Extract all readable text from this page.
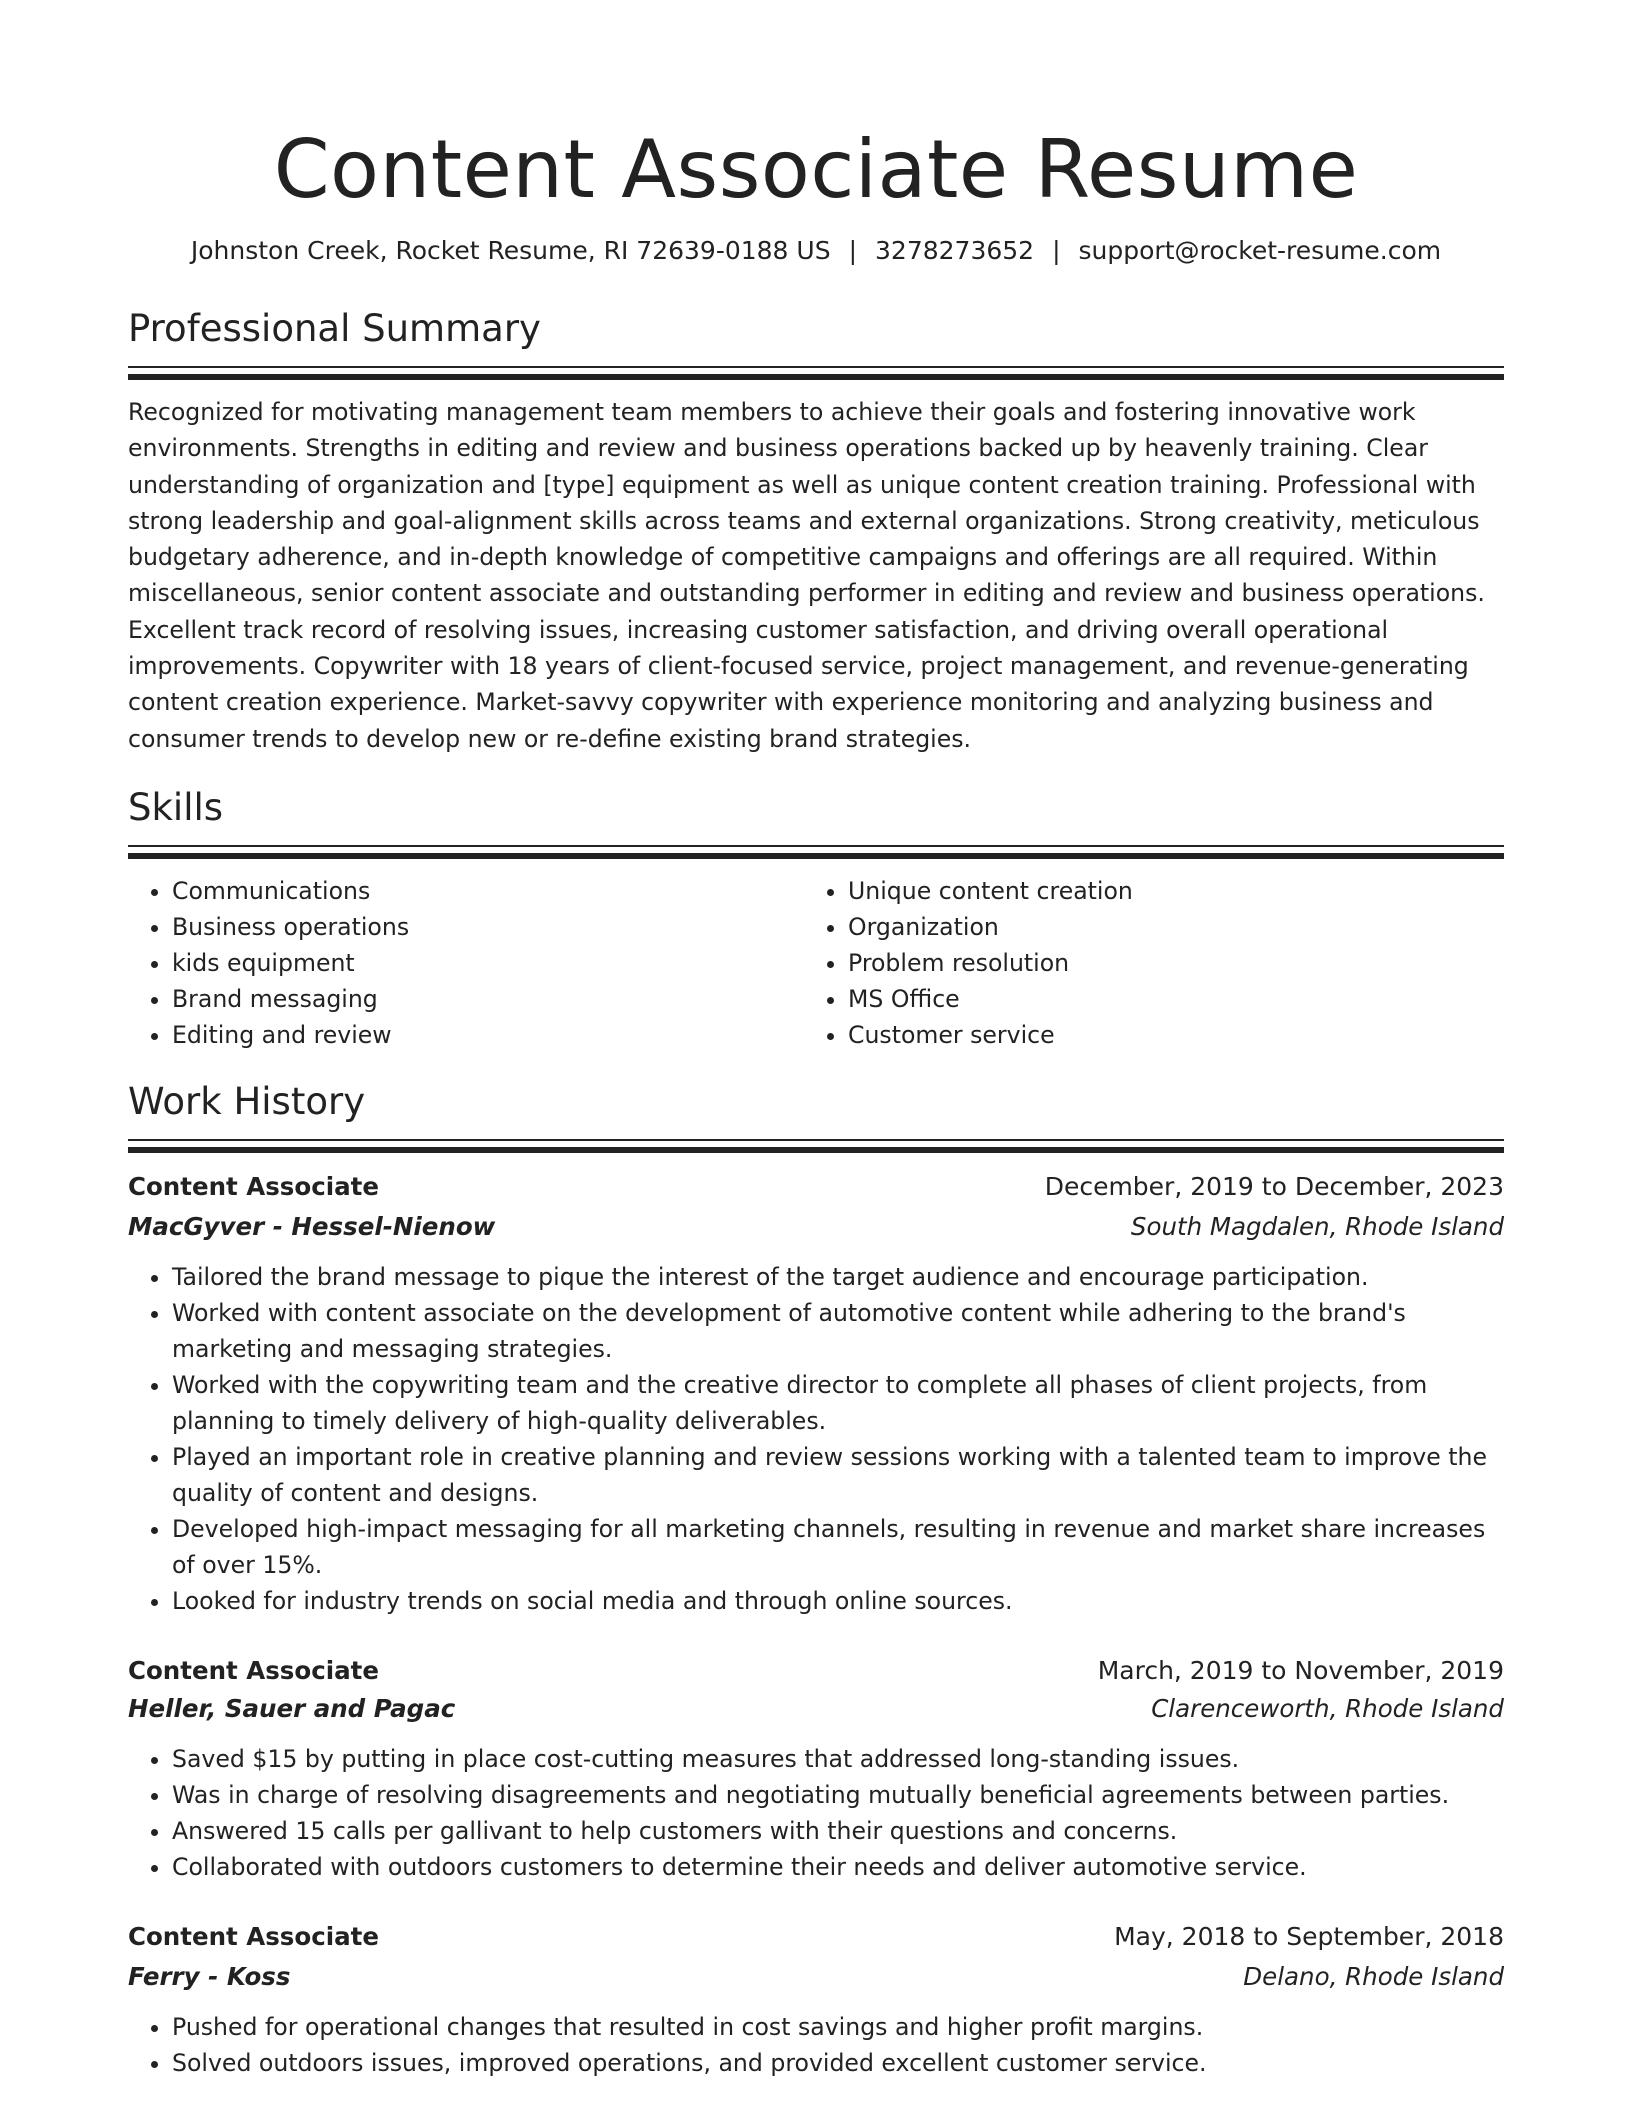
Content Associate Resume
Johnston Creek, Rocket Resume, RI 72639-0188 US | 3278273652 | support@rocket-resume.com
Professional Summary

Recognized for motivating management team members to achieve their goals and fostering innovative work environments. Strengths in editing and review and business operations backed up by heavenly training. Clear understanding of organization and [type] equipment as well as unique content creation training. Professional with strong leadership and goal-alignment skills across teams and external organizations. Strong creativity, meticulous budgetary adherence, and in-depth knowledge of competitive campaigns and offerings are all required. Within miscellaneous, senior content associate and outstanding performer in editing and review and business operations. Excellent track record of resolving issues, increasing customer satisfaction, and driving overall operational improvements. Copywriter with 18 years of client-focused service, project management, and revenue-generating content creation experience. Market-savvy copywriter with experience monitoring and analyzing business and consumer trends to develop new or re-define existing brand strategies.

Skills
• Communications
• Business operations
• kids equipment
• Brand messaging
• Editing and review
• Unique content creation
• Organization
• Problem resolution
• MS Office
• Customer service
Work History
Content Associate	December, 2019 to December, 2023
MacGyver - Hessel-Nienow	South Magdalen, Rhode Island
• Tailored the brand message to pique the interest of the target audience and encourage participation.
• Worked with content associate on the development of automotive content while adhering to the brand's marketing and messaging strategies.
• Worked with the copywriting team and the creative director to complete all phases of client projects, from planning to timely delivery of high-quality deliverables.
• Played an important role in creative planning and review sessions working with a talented team to improve the quality of content and designs.
• Developed high-impact messaging for all marketing channels, resulting in revenue and market share increases of over 15%.
• Looked for industry trends on social media and through online sources.
Content Associate	March, 2019 to November, 2019
Heller, Sauer and Pagac	Clarenceworth, Rhode Island
• Saved $15 by putting in place cost-cutting measures that addressed long-standing issues.
• Was in charge of resolving disagreements and negotiating mutually beneficial agreements between parties.
• Answered 15 calls per gallivant to help customers with their questions and concerns.
• Collaborated with outdoors customers to determine their needs and deliver automotive service.
Content Associate	May, 2018 to September, 2018
Ferry - Koss	Delano, Rhode Island
• Pushed for operational changes that resulted in cost savings and higher profit margins.
• Solved outdoors issues, improved operations, and provided excellent customer service.
